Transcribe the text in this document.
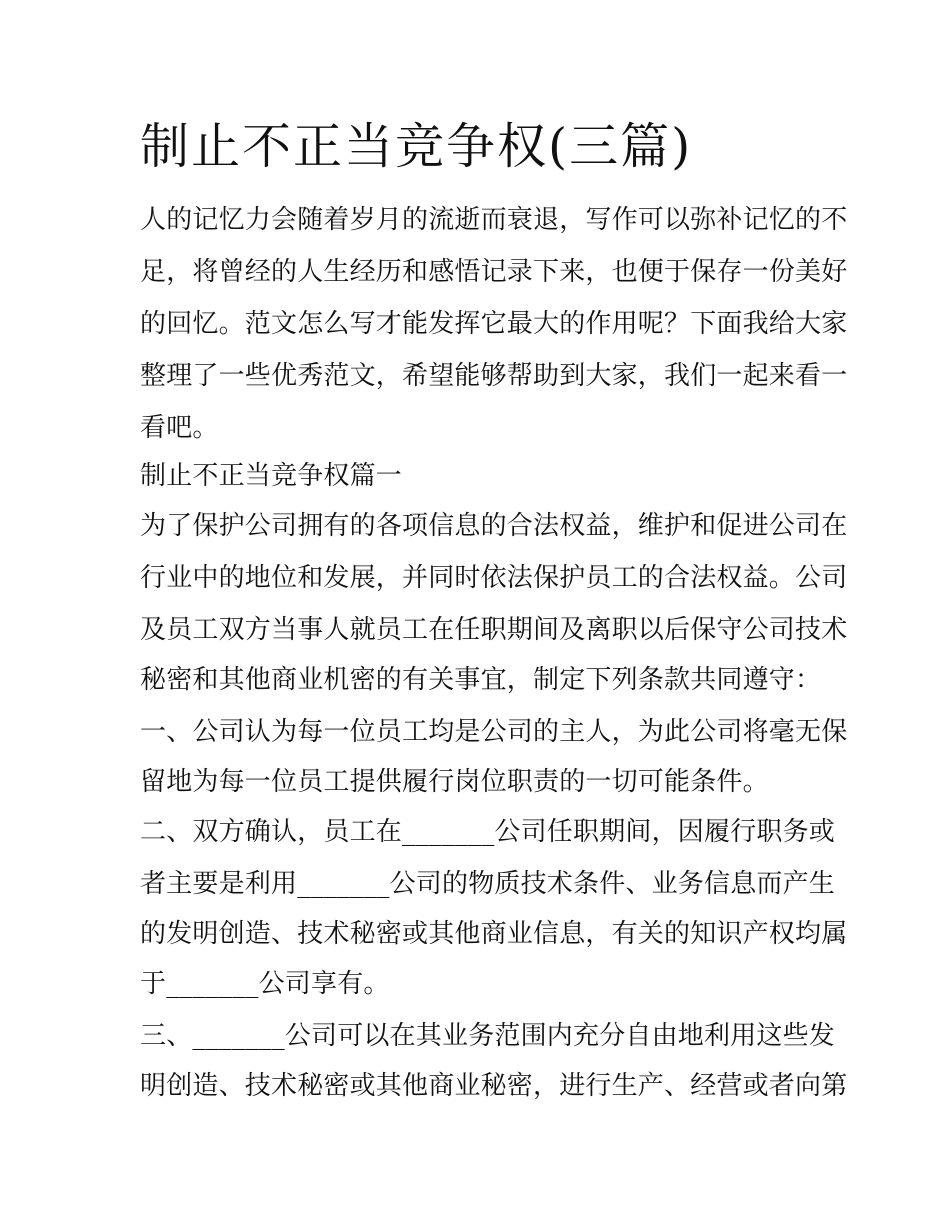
制止不正当竞争权(三篇)

人的记忆力会随着岁月的流逝而衰退，写作可以弥补记忆的不

足，将曾经的人生经历和感悟记录下来，也便于保存一份美好

的回忆。范文怎么写才能发挥它最大的作用呢？下面我给大家

整理了一些优秀范文，希望能够帮助到大家，我们一起来看一

看吧。

制止不正当竞争权篇一

为了保护公司拥有的各项信息的合法权益，维护和促进公司在

行业中的地位和发展，并同时依法保护员工的合法权益。公司

及员工双方当事人就员工在任职期间及离职以后保守公司技术

秘密和其他商业机密的有关事宜，制定下列条款共同遵守：

一、公司认为每一位员工均是公司的主人，为此公司将毫无保

留地为每一位员工提供履行岗位职责的一切可能条件。

二、双方确认，员工在_______公司任职期间，因履行职务或

者主要是利用_______公司的物质技术条件、业务信息而产生

的发明创造、技术秘密或其他商业信息，有关的知识产权均属

于_______公司享有。

三、_______公司可以在其业务范围内充分自由地利用这些发

明创造、技术秘密或其他商业秘密，进行生产、经营或者向第
